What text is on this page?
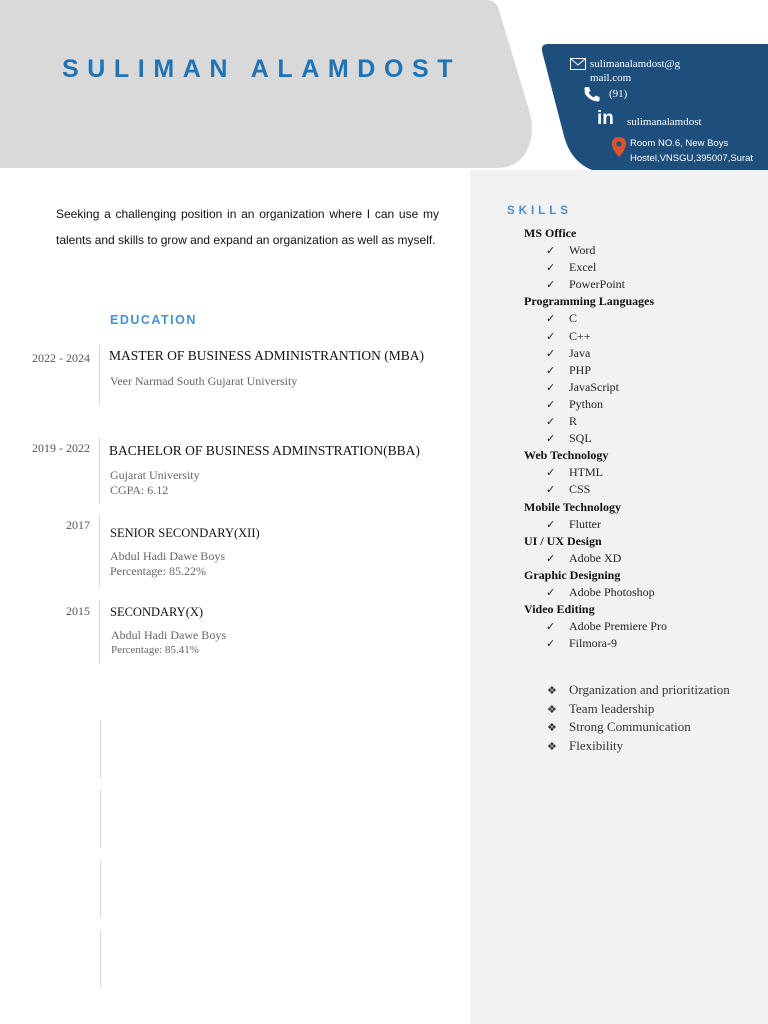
SULIMAN ALAMDOST	sulimanalamdost@g
mail.com
(91)
in sulimanalamdost
Room NO.6, New Boys
Hostel,VNSGU,395007,Surat
Seeking a challenging position in an organization where I can use my talents and skills to grow and expand an organization as well as myself.
EDUCATION
2022 - 2024 MASTER OF BUSINESS ADMINISTRANTION (MBA)
Veer Narmad South Gujarat University
2019 - 2022 BACHELOR OF BUSINESS ADMINSTRATION(BBA)
Gujarat University
CGPA: 6.12
2017
SENIOR SECONDARY(XII)
Abdul Hadi Dawe Boys
Percentage: 85.22%
2015 SECONDARY(X)
Abdul Hadi Dawe Boys
Percentage: 85.41%
SKILLS
MS Office
✓ Word
✓ Excel
✓ PowerPoint
Programming Languages
✓ C
✓ C++
✓ Java
✓ PHP
✓ JavaScript
✓ Python
✓ R
✓ SQL
Web Technology
✓ HTML
✓ CSS
Mobile Technology
✓ Flutter
UI / UX Design
✓ Adobe XD
Graphic Designing
✓ Adobe Photoshop
Video Editing
✓ Adobe Premiere Pro
✓ Filmora-9
❖ Organization and prioritization
❖ Team leadership
❖ Strong Communication
❖ Flexibility
